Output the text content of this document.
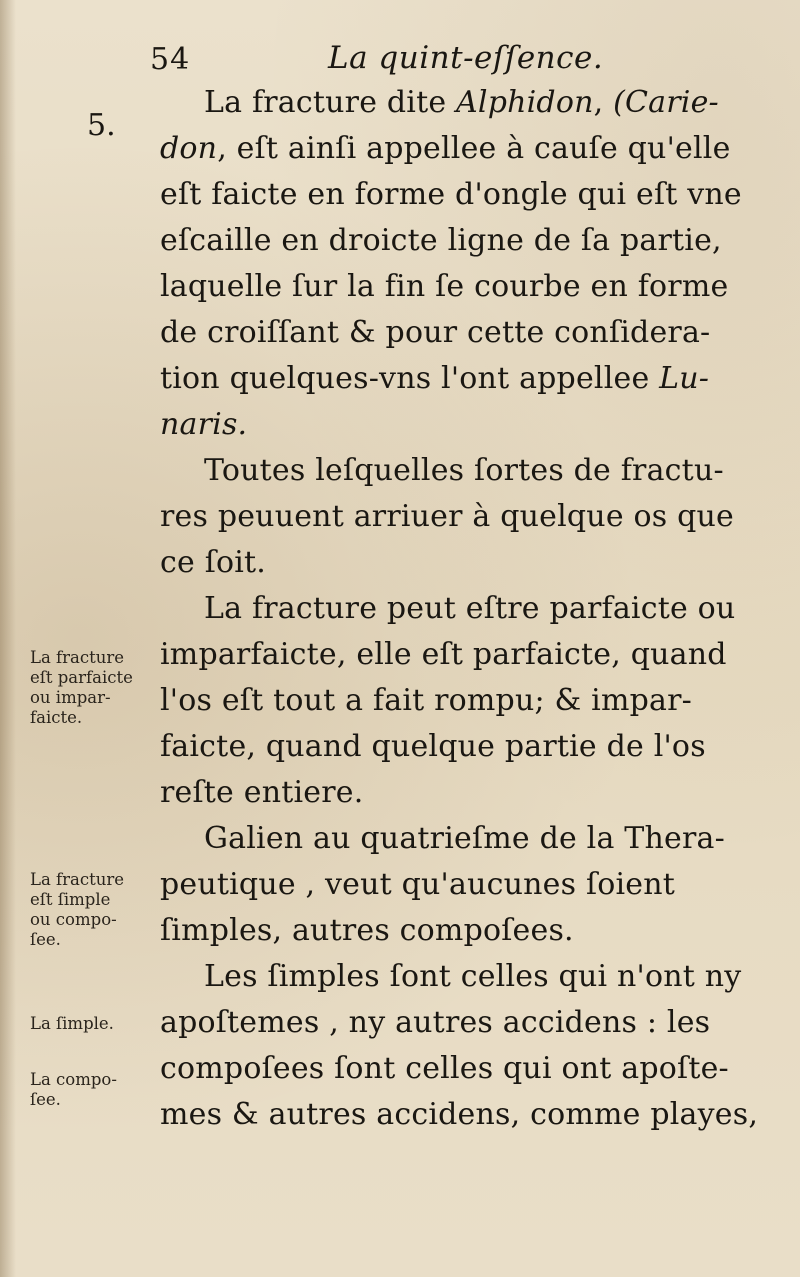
54	La quint-eſſence.
5.
La fracture dite Alphidon, (Carie-
don, eſt ainſi appellee à cauſe qu'elle
eſt faicte en forme d'ongle qui eſt vne
eſcaille en droicte ligne de ſa partie,
laquelle ſur la fin ſe courbe en forme
de croiſſant & pour cette conſidera-
tion quelques-vns l'ont appellee Lu-
naris.
Toutes leſquelles ſortes de fractu-
res peuuent arriuer à quelque os que
ce ſoit.
La fracture peut eſtre parfaicte ou
imparfaicte, elle eſt parfaicte, quand
l'os eſt tout a fait rompu; & impar-
faicte, quand quelque partie de l'os
reſte entiere.
Galien au quatrieſme de la Thera-
peutique , veut qu'aucunes ſoient
ſimples, autres compoſees.
Les ſimples ſont celles qui n'ont ny
apoſtemes , ny autres accidens : les
compoſees ſont celles qui ont apoſte-
mes & autres accidens, comme playes,
La fracture
eſt parfaicte
ou impar-
faicte.
La fracture
eſt ſimple
ou compo-
ſee.
La ſimple.
La compo-
ſee.
